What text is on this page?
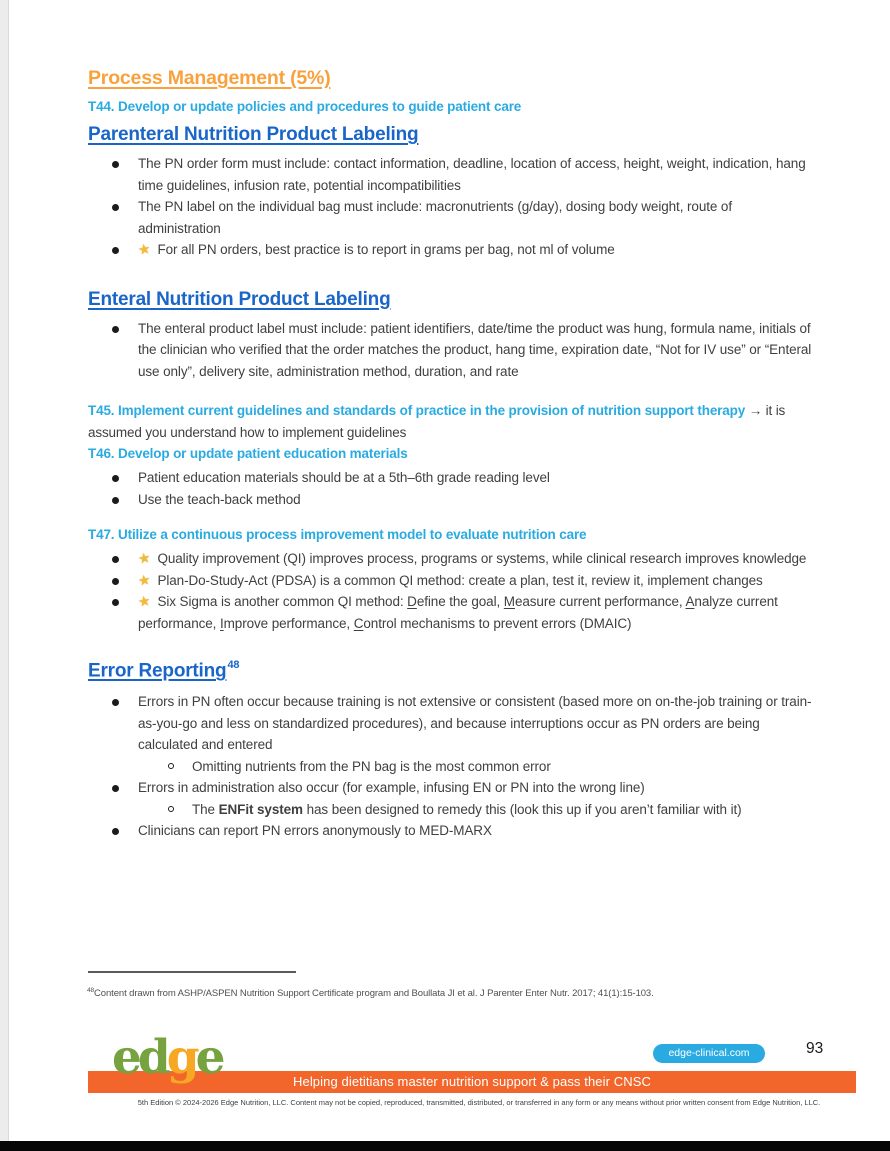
Process Management (5%)
T44. Develop or update policies and procedures to guide patient care
Parenteral Nutrition Product Labeling
The PN order form must include: contact information, deadline, location of access, height, weight, indication, hang time guidelines, infusion rate, potential incompatibilities
The PN label on the individual bag must include: macronutrients (g/day), dosing body weight, route of administration
★ For all PN orders, best practice is to report in grams per bag, not ml of volume
Enteral Nutrition Product Labeling
The enteral product label must include: patient identifiers, date/time the product was hung, formula name, initials of the clinician who verified that the order matches the product, hang time, expiration date, “Not for IV use” or “Enteral use only”, delivery site, administration method, duration, and rate
T45. Implement current guidelines and standards of practice in the provision of nutrition support therapy → it is assumed you understand how to implement guidelines
T46. Develop or update patient education materials
Patient education materials should be at a 5th–6th grade reading level
Use the teach-back method
T47. Utilize a continuous process improvement model to evaluate nutrition care
★ Quality improvement (QI) improves process, programs or systems, while clinical research improves knowledge
★ Plan-Do-Study-Act (PDSA) is a common QI method: create a plan, test it, review it, implement changes
★ Six Sigma is another common QI method: Define the goal, Measure current performance, Analyze current performance, Improve performance, Control mechanisms to prevent errors (DMAIC)
Error Reporting$^{48}$
Errors in PN often occur because training is not extensive or consistent (based more on on-the-job training or train-as-you-go and less on standardized procedures), and because interruptions occur as PN orders are being calculated and entered
Omitting nutrients from the PN bag is the most common error
Errors in administration also occur (for example, infusing EN or PN into the wrong line)
The ENFit system has been designed to remedy this (look this up if you aren’t familiar with it)
Clinicians can report PN errors anonymously to MED-MARX

$^{48}$Content drawn from ASHP/ASPEN Nutrition Support Certificate program and Boullata JI et al. J Parenter Enter Nutr. 2017; 41(1):15-103.

edge	edge-clinical.com	93
Helping dietitians master nutrition support & pass their CNSC
5th Edition © 2024-2026 Edge Nutrition, LLC. Content may not be copied, reproduced, transmitted, distributed, or transferred in any form or any means without prior written consent from Edge Nutrition, LLC.
